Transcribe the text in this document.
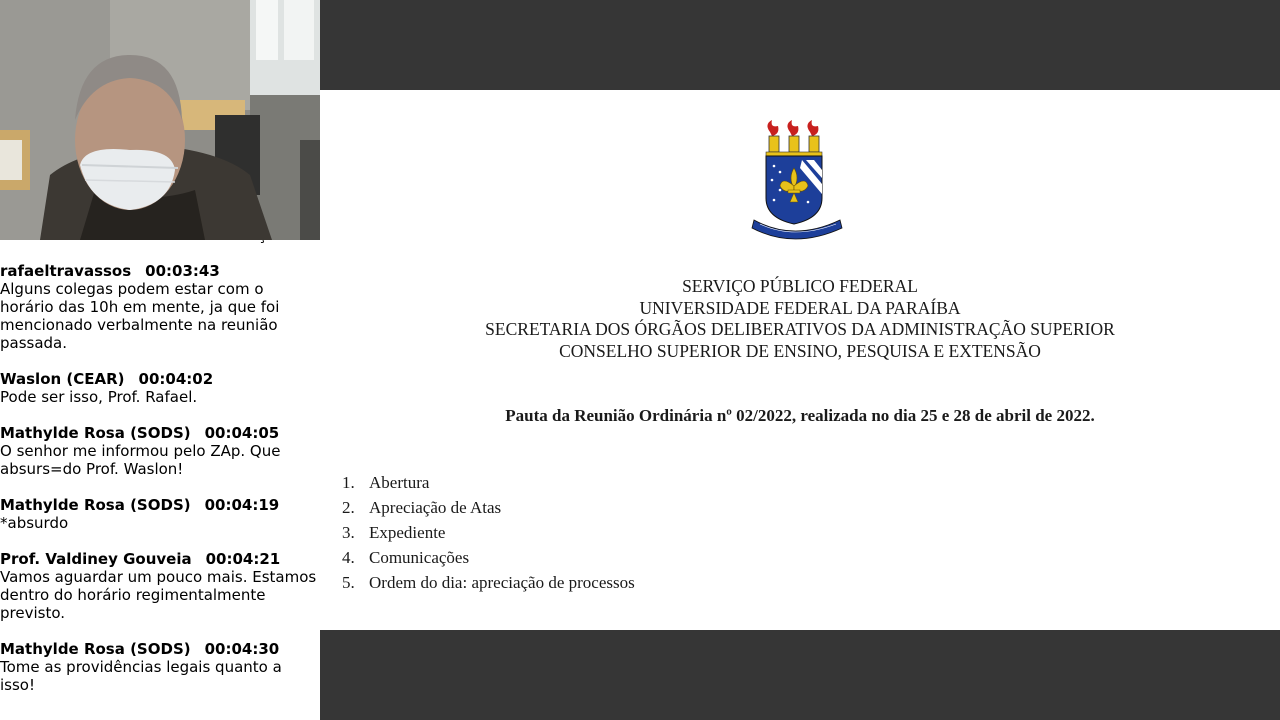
rafaeltravassos 00:03:43
Alguns colegas podem estar com o horário das 10h em mente, ja que foi mencionado verbalmente na reunião passada.
Waslon (CEAR) 00:04:02
Pode ser isso, Prof. Rafael.
Mathylde Rosa (SODS) 00:04:05
O senhor me informou pelo ZAp. Que absurs=do Prof. Waslon!
Mathylde Rosa (SODS) 00:04:19
*absurdo
Prof. Valdiney Gouveia 00:04:21
Vamos aguardar um pouco mais. Estamos dentro do horário regimentalmente previsto.
Mathylde Rosa (SODS) 00:04:30
Tome as providências legais quanto a isso!
SERVIÇO PÚBLICO FEDERAL
UNIVERSIDADE FEDERAL DA PARAÍBA
SECRETARIA DOS ÓRGÃOS DELIBERATIVOS DA ADMINISTRAÇÃO SUPERIOR
CONSELHO SUPERIOR DE ENSINO, PESQUISA E EXTENSÃO
Pauta da Reunião Ordinária nº 02/2022, realizada no dia 25 e 28 de abril de 2022.
1. Abertura
2. Apreciação de Atas
3. Expediente
4. Comunicações
5. Ordem do dia: apreciação de processos
